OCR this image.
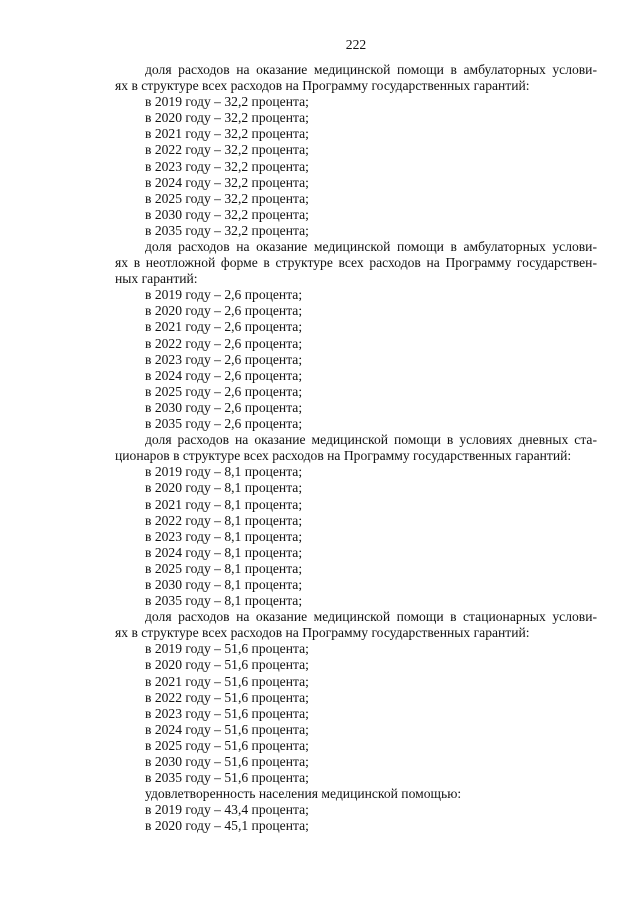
222
доля расходов на оказание медицинской помощи в амбулаторных услови-
ях в структуре всех расходов на Программу государственных гарантий:
в 2019 году – 32,2 процента;
в 2020 году – 32,2 процента;
в 2021 году – 32,2 процента;
в 2022 году – 32,2 процента;
в 2023 году – 32,2 процента;
в 2024 году – 32,2 процента;
в 2025 году – 32,2 процента;
в 2030 году – 32,2 процента;
в 2035 году – 32,2 процента;
доля расходов на оказание медицинской помощи в амбулаторных услови-
ях в неотложной форме в структуре всех расходов на Программу государствен-
ных гарантий:
в 2019 году – 2,6 процента;
в 2020 году – 2,6 процента;
в 2021 году – 2,6 процента;
в 2022 году – 2,6 процента;
в 2023 году – 2,6 процента;
в 2024 году – 2,6 процента;
в 2025 году – 2,6 процента;
в 2030 году – 2,6 процента;
в 2035 году – 2,6 процента;
доля расходов на оказание медицинской помощи в условиях дневных ста-
ционаров в структуре всех расходов на Программу государственных гарантий:
в 2019 году – 8,1 процента;
в 2020 году – 8,1 процента;
в 2021 году – 8,1 процента;
в 2022 году – 8,1 процента;
в 2023 году – 8,1 процента;
в 2024 году – 8,1 процента;
в 2025 году – 8,1 процента;
в 2030 году – 8,1 процента;
в 2035 году – 8,1 процента;
доля расходов на оказание медицинской помощи в стационарных услови-
ях в структуре всех расходов на Программу государственных гарантий:
в 2019 году – 51,6 процента;
в 2020 году – 51,6 процента;
в 2021 году – 51,6 процента;
в 2022 году – 51,6 процента;
в 2023 году – 51,6 процента;
в 2024 году – 51,6 процента;
в 2025 году – 51,6 процента;
в 2030 году – 51,6 процента;
в 2035 году – 51,6 процента;
удовлетворенность населения медицинской помощью:
в 2019 году – 43,4 процента;
в 2020 году – 45,1 процента;
